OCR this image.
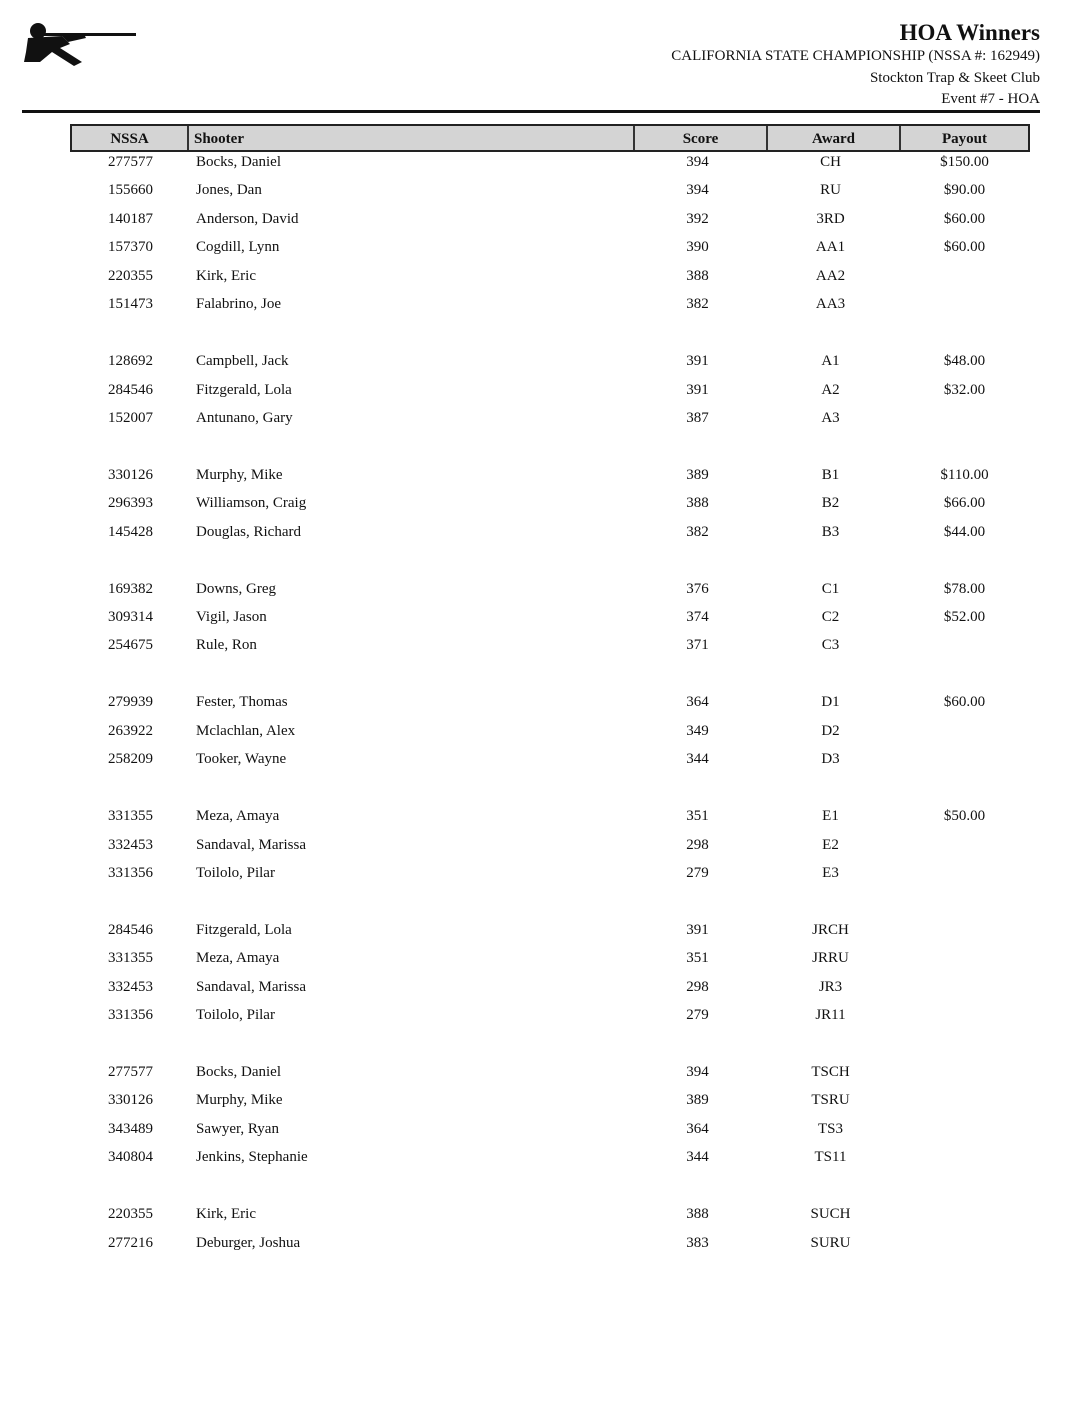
HOA Winners
CALIFORNIA STATE CHAMPIONSHIP (NSSA #: 162949)
Stockton Trap & Skeet Club
Event #7 - HOA
NSSA	Shooter	Score	Award	Payout
277577	Bocks, Daniel	394	CH	$150.00
155660	Jones, Dan	394	RU	$90.00
140187	Anderson, David	392	3RD	$60.00
157370	Cogdill, Lynn	390	AA1	$60.00
220355	Kirk, Eric	388	AA2
151473	Falabrino, Joe	382	AA3
128692	Campbell, Jack	391	A1	$48.00
284546	Fitzgerald, Lola	391	A2	$32.00
152007	Antunano, Gary	387	A3
330126	Murphy, Mike	389	B1	$110.00
296393	Williamson, Craig	388	B2	$66.00
145428	Douglas, Richard	382	B3	$44.00
169382	Downs, Greg	376	C1	$78.00
309314	Vigil, Jason	374	C2	$52.00
254675	Rule, Ron	371	C3
279939	Fester, Thomas	364	D1	$60.00
263922	Mclachlan, Alex	349	D2
258209	Tooker, Wayne	344	D3
331355	Meza, Amaya	351	E1	$50.00
332453	Sandaval, Marissa	298	E2
331356	Toilolo, Pilar	279	E3
284546	Fitzgerald, Lola	391	JRCH
331355	Meza, Amaya	351	JRRU
332453	Sandaval, Marissa	298	JR3
331356	Toilolo, Pilar	279	JR11
277577	Bocks, Daniel	394	TSCH
330126	Murphy, Mike	389	TSRU
343489	Sawyer, Ryan	364	TS3
340804	Jenkins, Stephanie	344	TS11
220355	Kirk, Eric	388	SUCH
277216	Deburger, Joshua	383	SURU
